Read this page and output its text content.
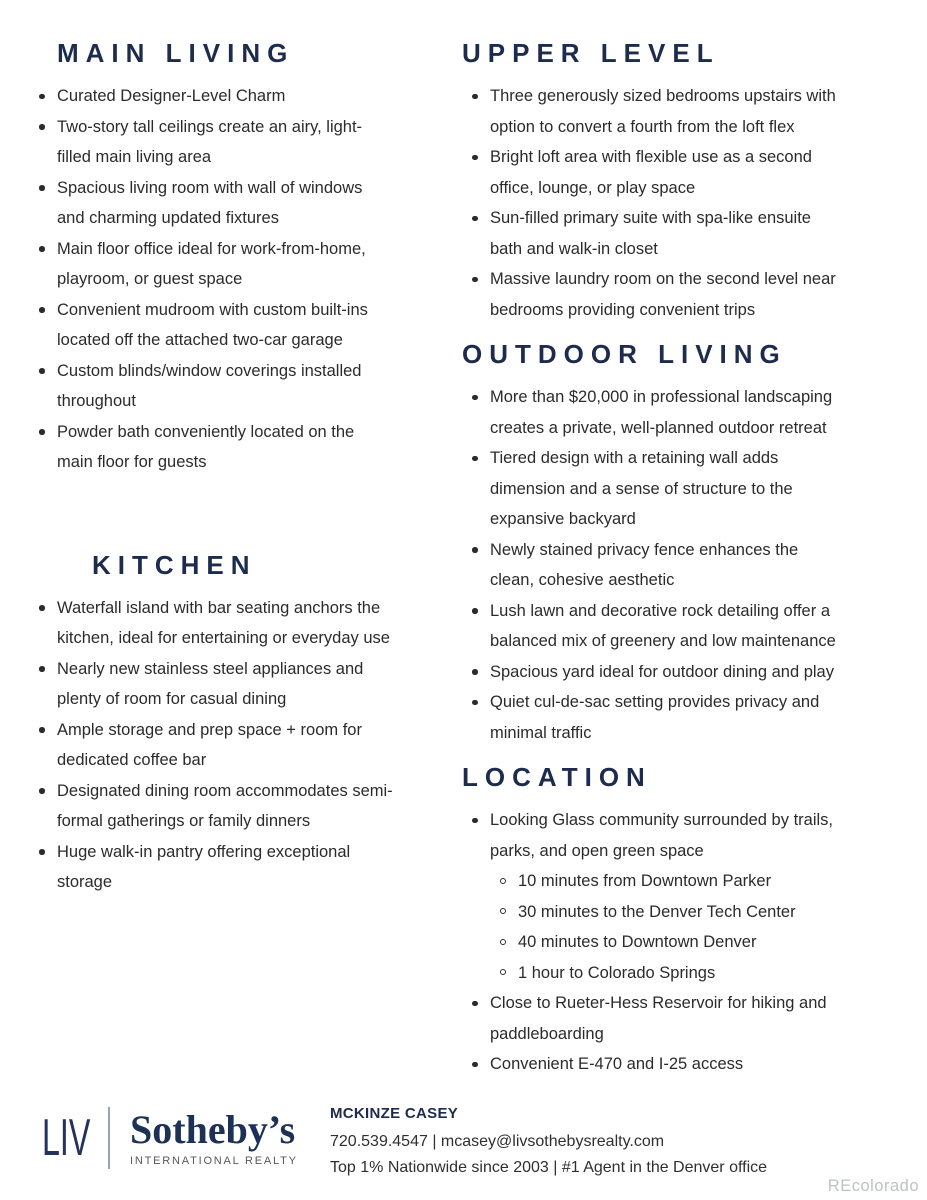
MAIN LIVING
Curated Designer-Level Charm
Two-story tall ceilings create an airy, light-filled main living area
Spacious living room with wall of windows and charming updated fixtures
Main floor office ideal for work-from-home, playroom, or guest space
Convenient mudroom with custom built-ins located off the attached two-car garage
Custom blinds/window coverings installed throughout
Powder bath conveniently located on the main floor for guests
KITCHEN
Waterfall island with bar seating anchors the kitchen, ideal for entertaining or everyday use
Nearly new stainless steel appliances and plenty of room for casual dining
Ample storage and prep space + room for dedicated coffee bar
Designated dining room accommodates semi-formal gatherings or family dinners
Huge walk-in pantry offering exceptional storage
UPPER LEVEL
Three generously sized bedrooms upstairs with option to convert a fourth from the loft flex
Bright loft area with flexible use as a second office, lounge, or play space
Sun-filled primary suite with spa-like ensuite bath and walk-in closet
Massive laundry room on the second level near bedrooms providing convenient trips
OUTDOOR LIVING
More than $20,000 in professional landscaping creates a private, well-planned outdoor retreat
Tiered design with a retaining wall adds dimension and a sense of structure to the expansive backyard
Newly stained privacy fence enhances the clean, cohesive aesthetic
Lush lawn and decorative rock detailing offer a balanced mix of greenery and low maintenance
Spacious yard ideal for outdoor dining and play
Quiet cul-de-sac setting provides privacy and minimal traffic
LOCATION
Looking Glass community surrounded by trails, parks, and open green space
10 minutes from Downtown Parker
30 minutes to the Denver Tech Center
40 minutes to Downtown Denver
1 hour to Colorado Springs
Close to Rueter-Hess Reservoir for hiking and paddleboarding
Convenient E-470 and I-25 access
LIV Sotheby’s
INTERNATIONAL REALTY
MCKINZE CASEY
720.539.4547 | mcasey@livsothebysrealty.com
Top 1% Nationwide since 2003 | #1 Agent in the Denver office
REcolorado
